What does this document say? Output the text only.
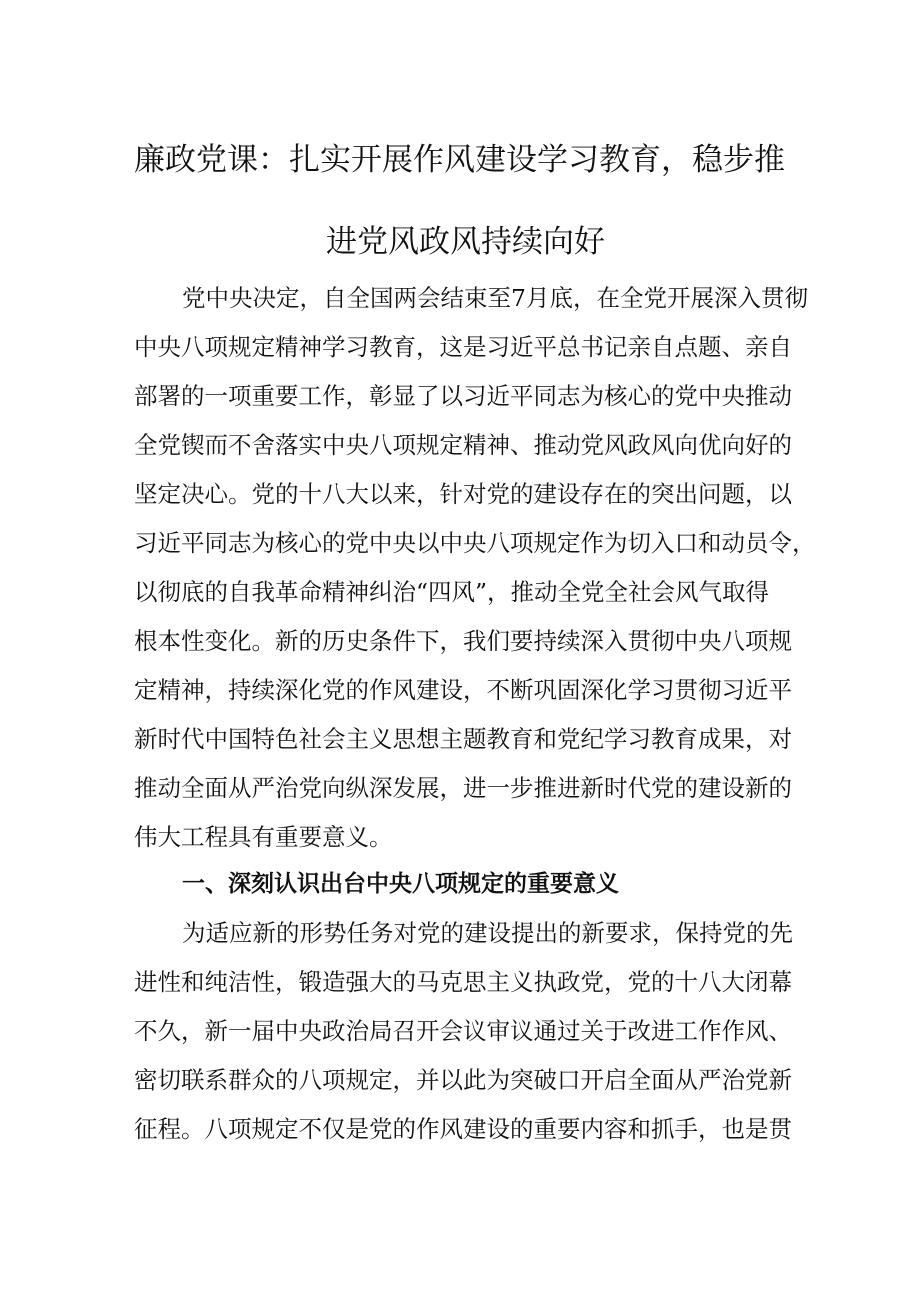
廉政党课：扎实开展作风建设学习教育，稳步推
进党风政风持续向好
党中央决定，自全国两会结束至7月底，在全党开展深入贯彻
中央八项规定精神学习教育，这是习近平总书记亲自点题、亲自
部署的一项重要工作，彰显了以习近平同志为核心的党中央推动
全党锲而不舍落实中央八项规定精神、推动党风政风向优向好的
坚定决心。党的十八大以来，针对党的建设存在的突出问题，以
习近平同志为核心的党中央以中央八项规定作为切入口和动员令，
以彻底的自我革命精神纠治“四风”，推动全党全社会风气取得
根本性变化。新的历史条件下，我们要持续深入贯彻中央八项规
定精神，持续深化党的作风建设，不断巩固深化学习贯彻习近平
新时代中国特色社会主义思想主题教育和党纪学习教育成果，对
推动全面从严治党向纵深发展，进一步推进新时代党的建设新的
伟大工程具有重要意义。
一、深刻认识出台中央八项规定的重要意义
为适应新的形势任务对党的建设提出的新要求，保持党的先
进性和纯洁性，锻造强大的马克思主义执政党，党的十八大闭幕
不久，新一届中央政治局召开会议审议通过关于改进工作作风、
密切联系群众的八项规定，并以此为突破口开启全面从严治党新
征程。八项规定不仅是党的作风建设的重要内容和抓手，也是贯
